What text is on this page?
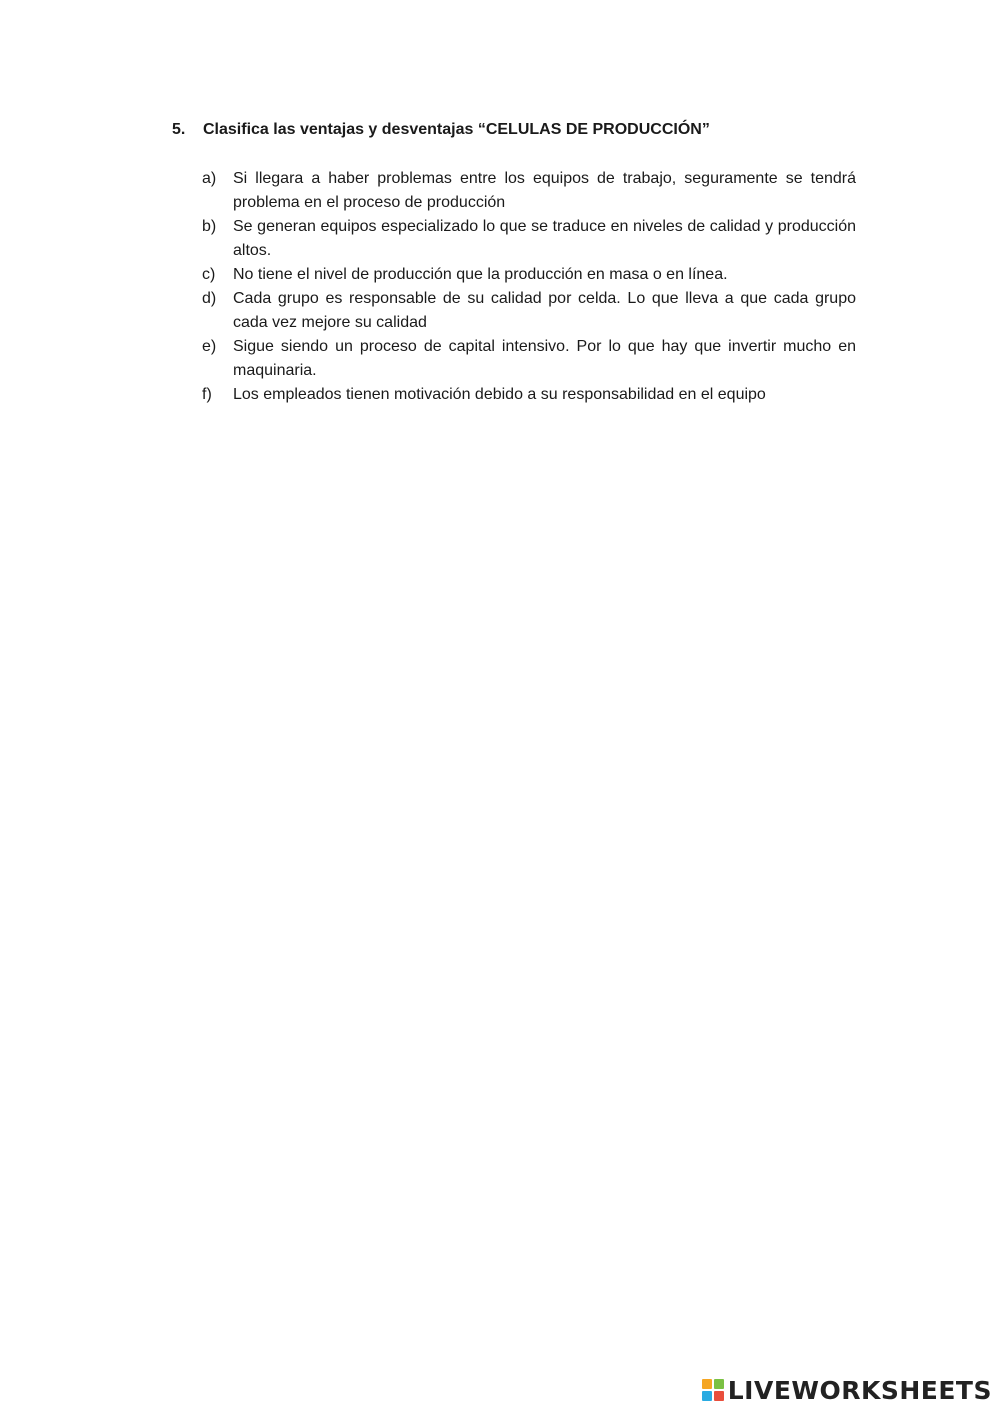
5.	Clasifica las ventajas y desventajas “CELULAS DE PRODUCCIÓN”
a)	Si llegara a haber problemas entre los equipos de trabajo, seguramente se tendrá problema en el proceso de producción
b)	Se generan equipos especializado lo que se traduce en niveles de calidad y producción altos.
c)	No tiene el nivel de producción que la producción en masa o en línea.
d)	Cada grupo es responsable de su calidad por celda. Lo que lleva a que cada grupo cada vez mejore su calidad
e)	Sigue siendo un proceso de capital intensivo. Por lo que hay que invertir mucho en maquinaria.
f)	Los empleados tienen motivación debido a su responsabilidad en el equipo
LIVEWORKSHEETS
